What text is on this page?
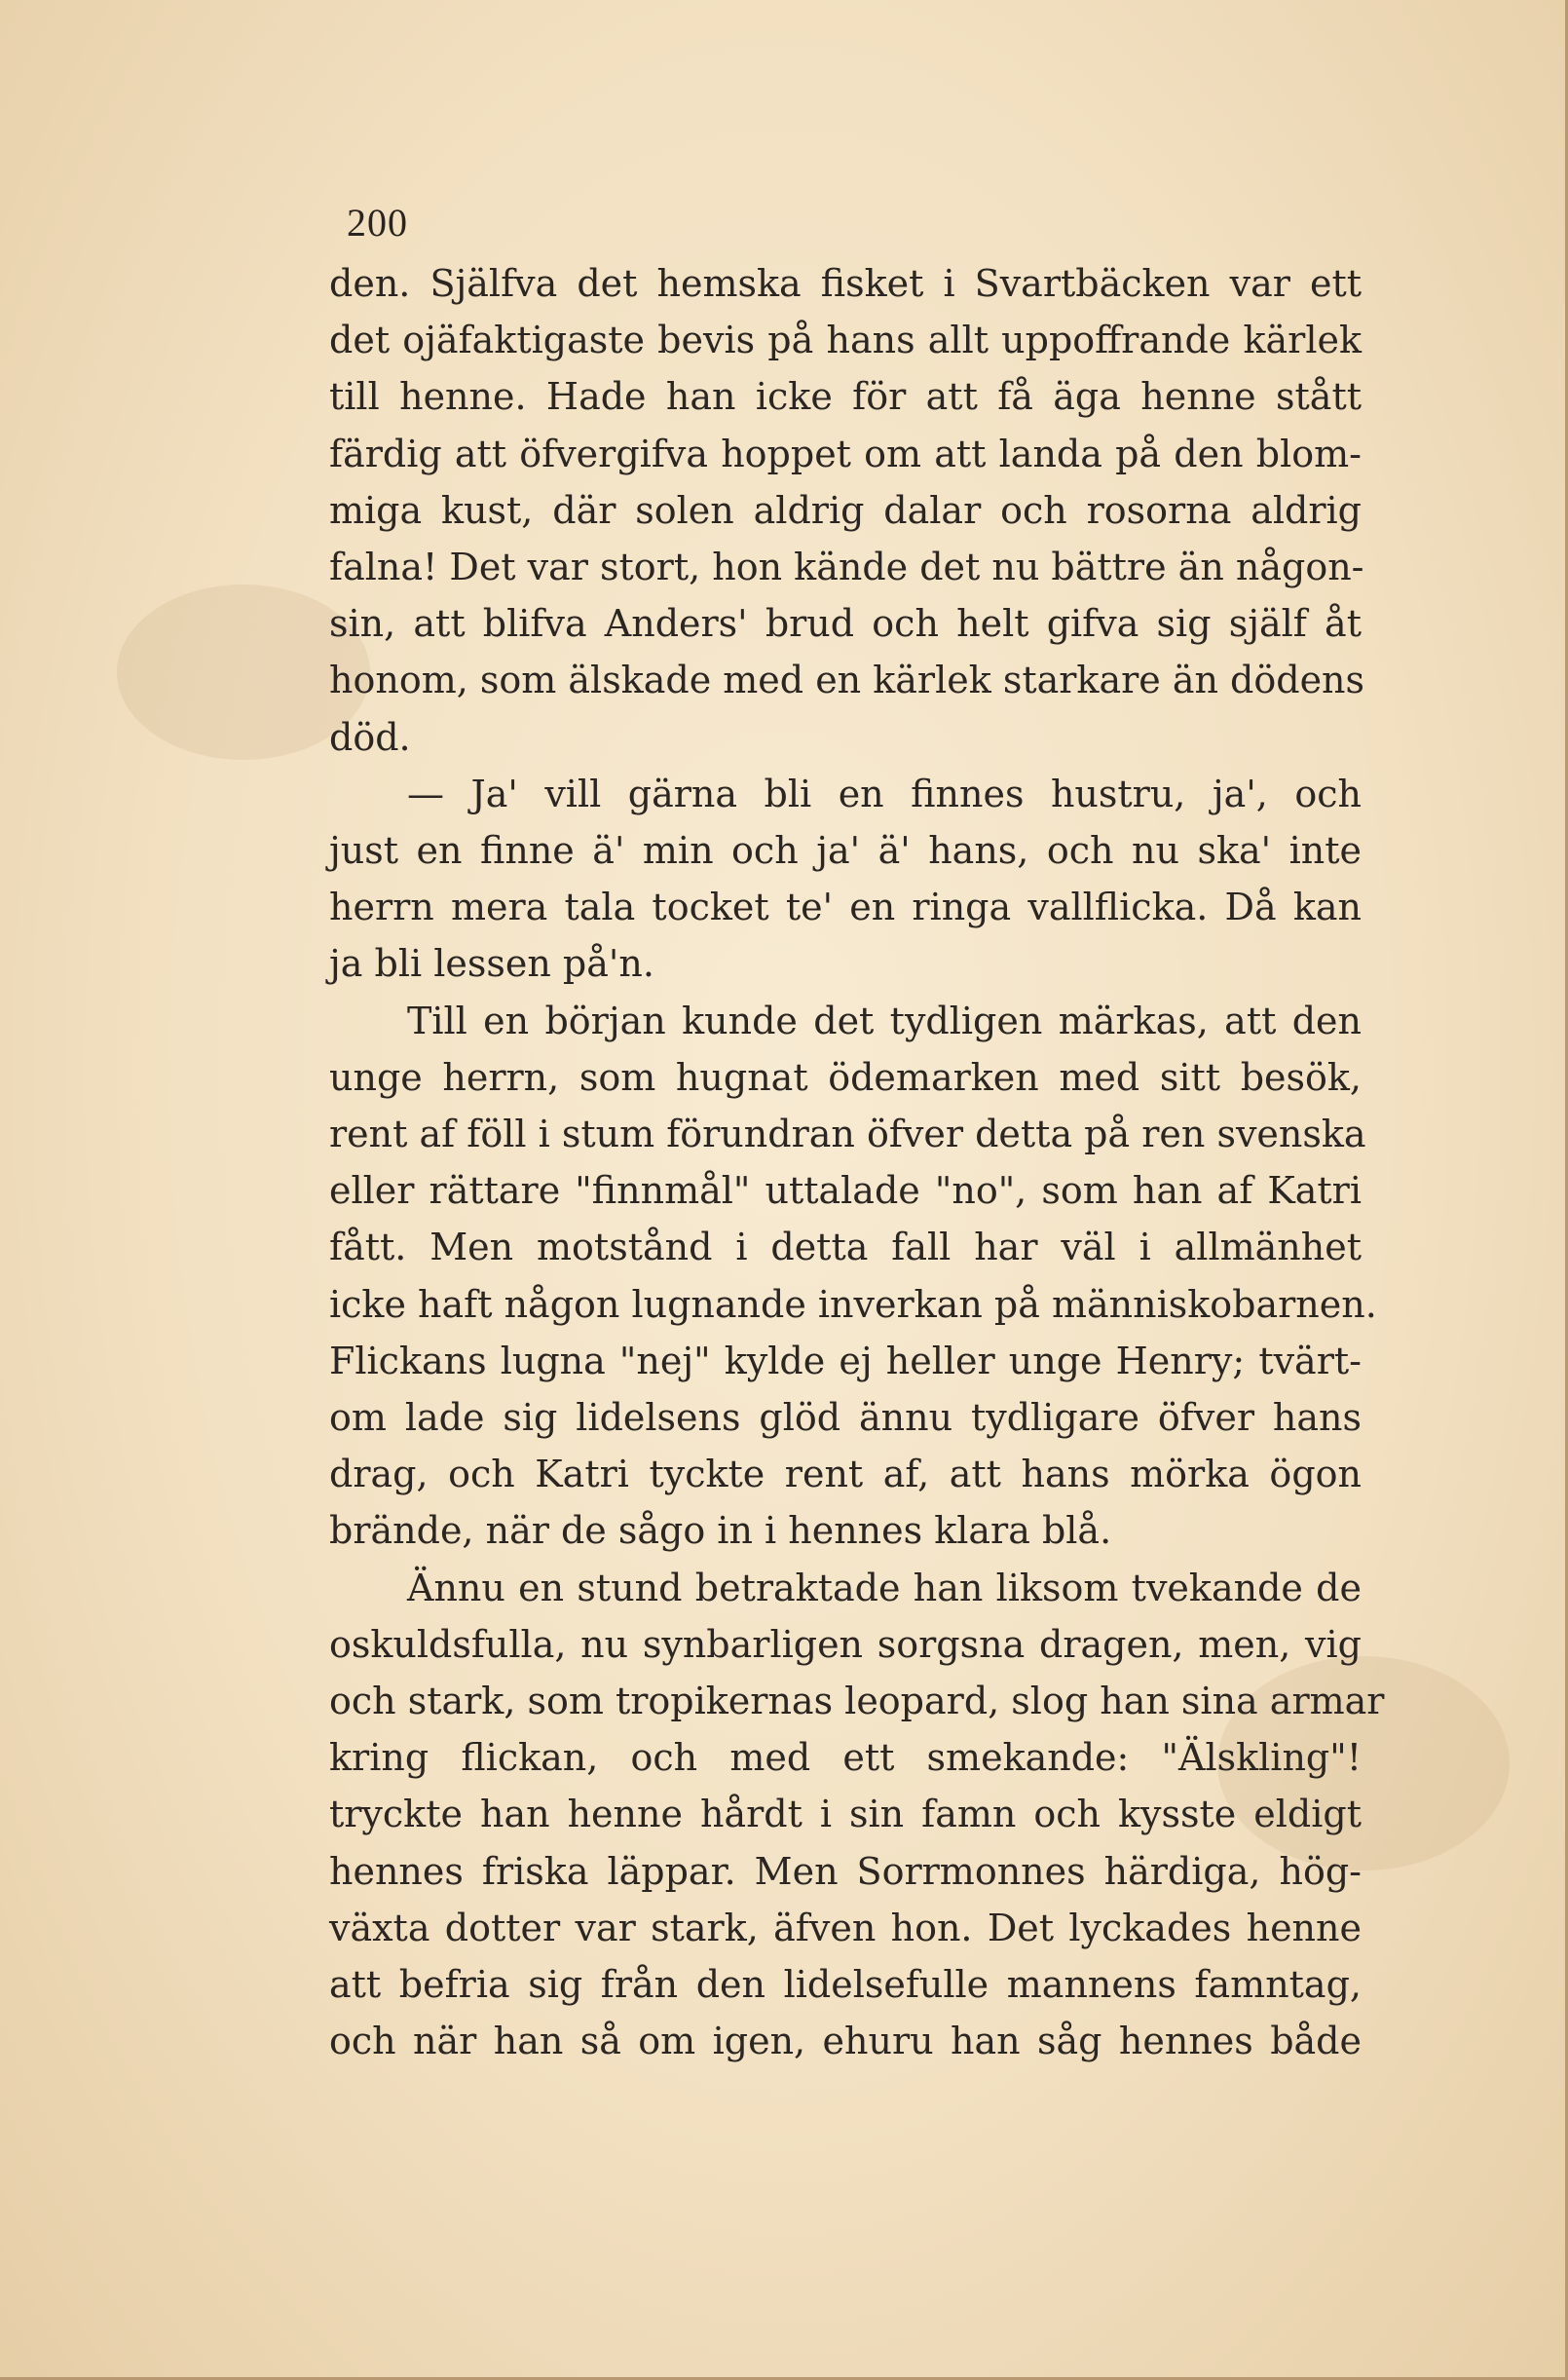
200
den. Själfva det hemska fisket i Svartbäcken var ett
det ojäfaktigaste bevis på hans allt uppoffrande kärlek
till henne. Hade han icke för att få äga henne stått
färdig att öfvergifva hoppet om att landa på den blom-
miga kust, där solen aldrig dalar och rosorna aldrig
falna! Det var stort, hon kände det nu bättre än någon-
sin, att blifva Anders' brud och helt gifva sig själf åt
honom, som älskade med en kärlek starkare än dödens
död.
— Ja' vill gärna bli en finnes hustru, ja', och
just en finne ä' min och ja' ä' hans, och nu ska' inte
herrn mera tala tocket te' en ringa vallflicka. Då kan
ja bli lessen på'n.
Till en början kunde det tydligen märkas, att den
unge herrn, som hugnat ödemarken med sitt besök,
rent af föll i stum förundran öfver detta på ren svenska
eller rättare "finnmål" uttalade "no", som han af Katri
fått. Men motstånd i detta fall har väl i allmänhet
icke haft någon lugnande inverkan på människobarnen.
Flickans lugna "nej" kylde ej heller unge Henry; tvärt-
om lade sig lidelsens glöd ännu tydligare öfver hans
drag, och Katri tyckte rent af, att hans mörka ögon
brände, när de sågo in i hennes klara blå.
Ännu en stund betraktade han liksom tvekande de
oskuldsfulla, nu synbarligen sorgsna dragen, men, vig
och stark, som tropikernas leopard, slog han sina armar
kring flickan, och med ett smekande: "Älskling"!
tryckte han henne hårdt i sin famn och kysste eldigt
hennes friska läppar. Men Sorrmonnes härdiga, hög-
växta dotter var stark, äfven hon. Det lyckades henne
att befria sig från den lidelsefulle mannens famntag,
och när han så om igen, ehuru han såg hennes både
